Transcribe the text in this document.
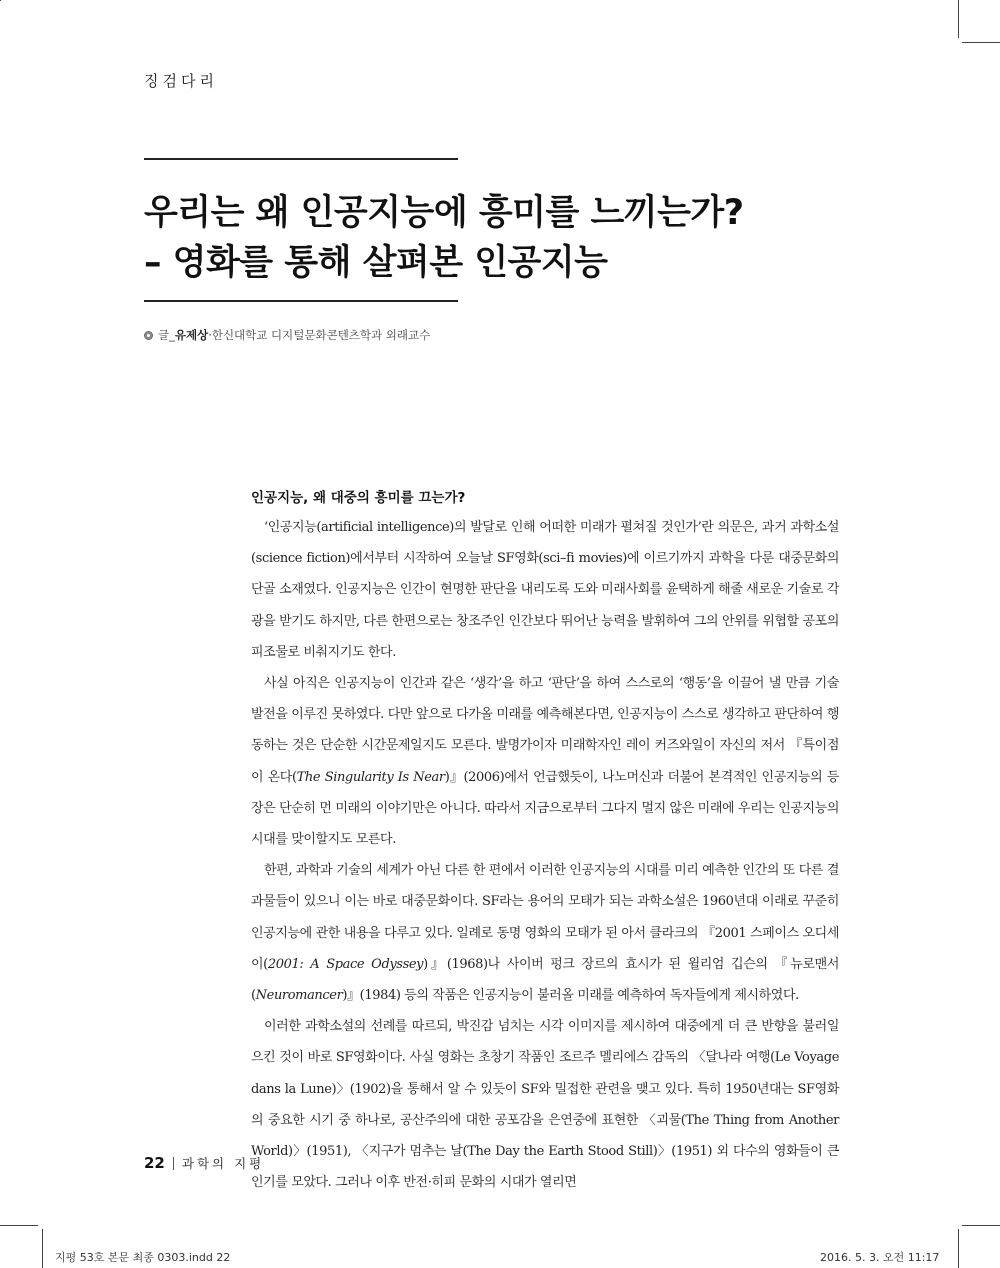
징검다리
우리는 왜 인공지능에 흥미를 느끼는가?
– 영화를 통해 살펴본 인공지능
글_유제상·한신대학교 디지털문화콘텐츠학과 외래교수
인공지능, 왜 대중의 흥미를 끄는가?

‘인공지능(artificial intelligence)의 발달로 인해 어떠한 미래가 펼쳐질 것인가’란 의문은, 과거 과학소설(science fiction)에서부터 시작하여 오늘날 SF영화(sci–fi movies)에 이르기까지 과학을 다룬 대중문화의 단골 소재였다. 인공지능은 인간이 현명한 판단을 내리도록 도와 미래사회를 윤택하게 해줄 새로운 기술로 각광을 받기도 하지만, 다른 한편으로는 창조주인 인간보다 뛰어난 능력을 발휘하여 그의 안위를 위협할 공포의 피조물로 비춰지기도 한다.

사실 아직은 인공지능이 인간과 같은 ‘생각’을 하고 ‘판단’을 하여 스스로의 ‘행동’을 이끌어 낼 만큼 기술 발전을 이루진 못하였다. 다만 앞으로 다가올 미래를 예측해본다면, 인공지능이 스스로 생각하고 판단하여 행동하는 것은 단순한 시간문제일지도 모른다. 발명가이자 미래학자인 레이 커즈와일이 자신의 저서 『특이점이 온다(The Singularity Is Near)』(2006)에서 언급했듯이, 나노머신과 더불어 본격적인 인공지능의 등장은 단순히 먼 미래의 이야기만은 아니다. 따라서 지금으로부터 그다지 멀지 않은 미래에 우리는 인공지능의 시대를 맞이할지도 모른다.

한편, 과학과 기술의 세계가 아닌 다른 한 편에서 이러한 인공지능의 시대를 미리 예측한 인간의 또 다른 결과물들이 있으니 이는 바로 대중문화이다. SF라는 용어의 모태가 되는 과학소설은 1960년대 이래로 꾸준히 인공지능에 관한 내용을 다루고 있다. 일례로 동명 영화의 모태가 된 아서 클라크의 『2001 스페이스 오디세이(2001: A Space Odyssey)』(1968)나 사이버 펑크 장르의 효시가 된 윌리엄 깁슨의 『뉴로맨서(Neuromancer)』(1984) 등의 작품은 인공지능이 불러올 미래를 예측하여 독자들에게 제시하였다.

이러한 과학소설의 선례를 따르되, 박진감 넘치는 시각 이미지를 제시하여 대중에게 더 큰 반향을 불러일으킨 것이 바로 SF영화이다. 사실 영화는 초창기 작품인 조르주 멜리에스 감독의 〈달나라 여행(Le Voyage dans la Lune)〉(1902)을 통해서 알 수 있듯이 SF와 밀접한 관련을 맺고 있다. 특히 1950년대는 SF영화의 중요한 시기 중 하나로, 공산주의에 대한 공포감을 은연중에 표현한 〈괴물(The Thing from Another World)〉(1951), 〈지구가 멈추는 날(The Day the Earth Stood Still)〉(1951) 외 다수의 영화들이 큰 인기를 모았다. 그러나 이후 반전·히피 문화의 시대가 열리면

22 과학의 지평
지평 53호 본문 최종 0303.indd 22	2016. 5. 3. 오전 11:17
